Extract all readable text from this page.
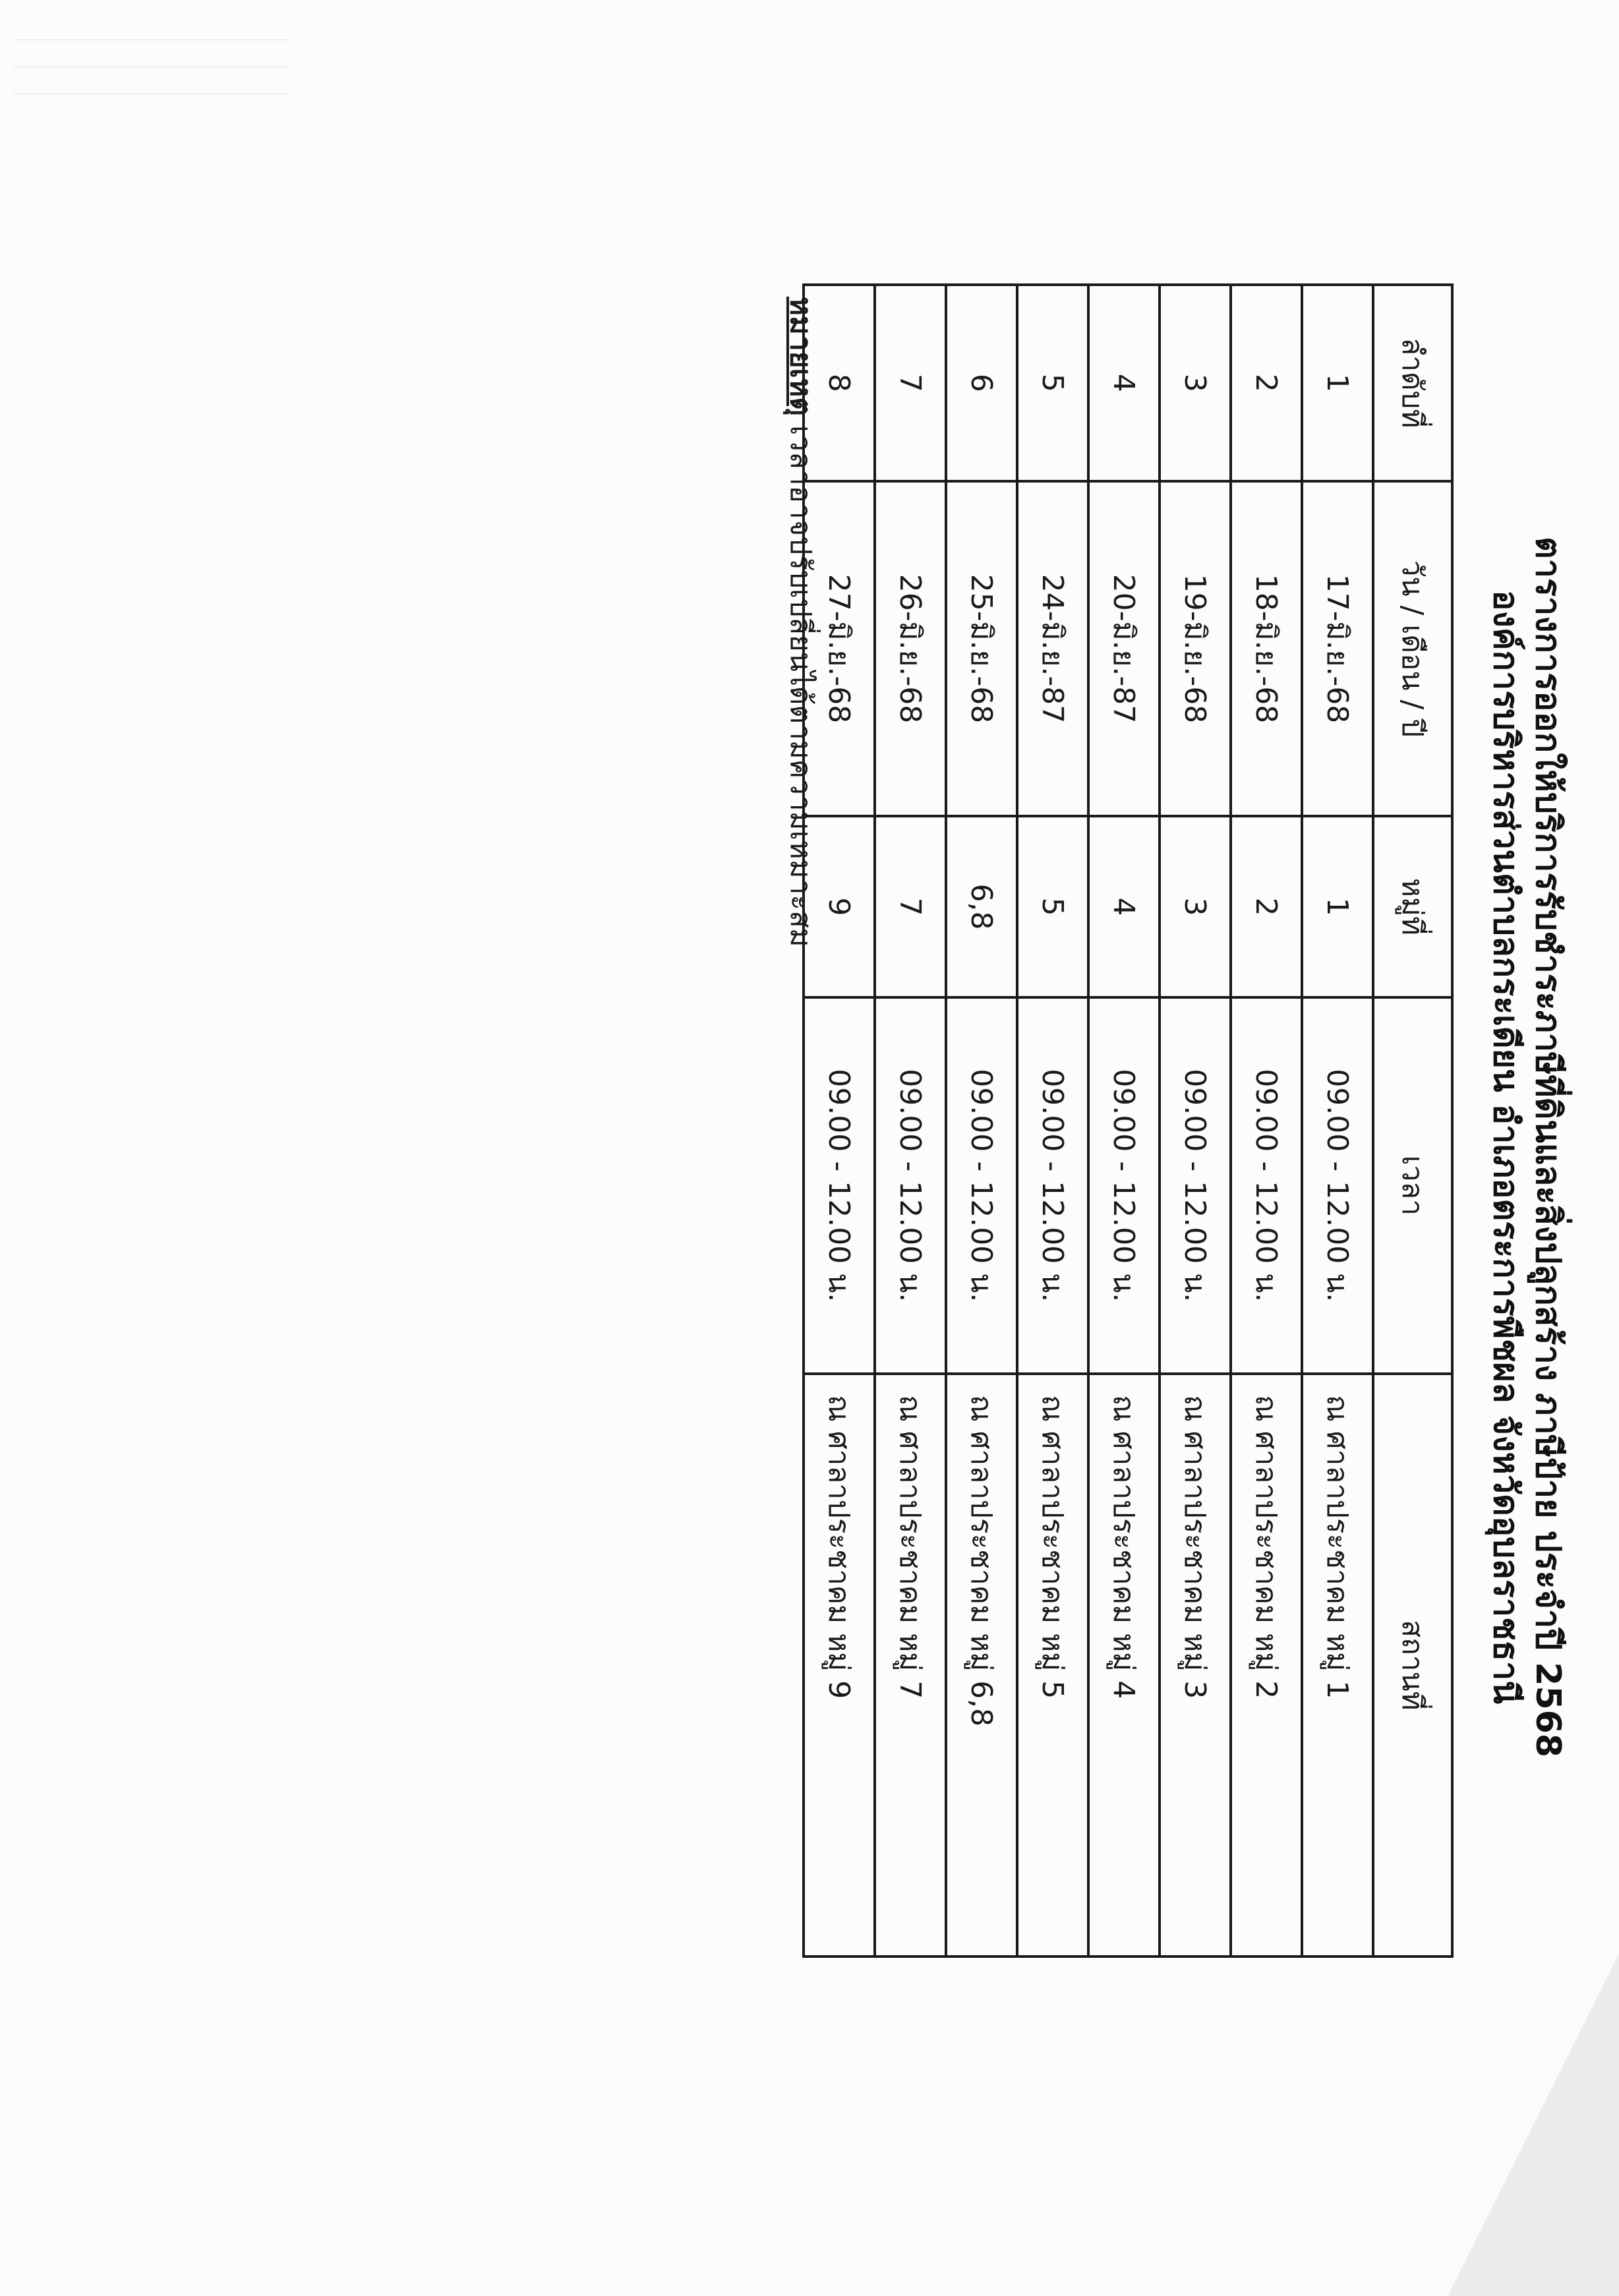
ตารางการออกให้บริการรับชำระภาษีที่ดินและสิ่งปลูกสร้าง ภาษีป้าย ประจำปี 2568
องค์การบริหารส่วนตำบลกระเดียน อำเภอตระการพืชผล จังหวัดอุบลราชธานี
ลำดับที่	วัน / เดือน / ปี	หมู่ที่	เวลา	สถานที่
1	17-มิ.ย.-68	1	09.00 - 12.00 น.	ณ ศาลาประชาคม หมู่ 1
2	18-มิ.ย.-68	2	09.00 - 12.00 น.	ณ ศาลาประชาคม หมู่ 2
3	19-มิ.ย.-68	3	09.00 - 12.00 น.	ณ ศาลาประชาคม หมู่ 3
4	20-มิ.ย.-87	4	09.00 - 12.00 น.	ณ ศาลาประชาคม หมู่ 4
5	24-มิ.ย.-87	5	09.00 - 12.00 น.	ณ ศาลาประชาคม หมู่ 5
6	25-มิ.ย.-68	6,8	09.00 - 12.00 น.	ณ ศาลาประชาคม หมู่ 6,8
7	26-มิ.ย.-68	7	09.00 - 12.00 น.	ณ ศาลาประชาคม หมู่ 7
8	27-มิ.ย.-68	9	09.00 - 12.00 น.	ณ ศาลาประชาคม หมู่ 9
หมายเหตุ เวลาอาจปรับเปลี่ยนได้ตามความเหมาะสม
